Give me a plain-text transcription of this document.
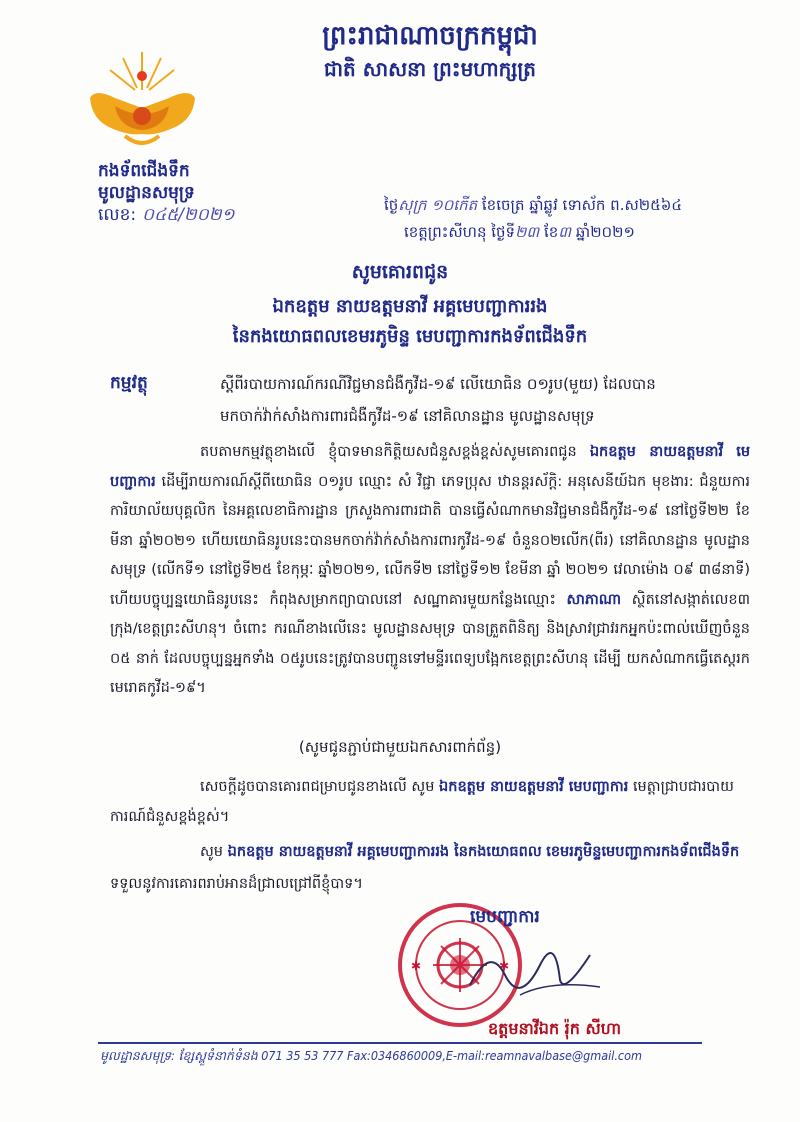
ព្រះរាជាណាចក្រកម្ពុជា
ជាតិ សាសនា ព្រះមហាក្សត្រ
កងទ័ពជើងទឹក
មូលដ្ឋានសមុទ្រ
លេខ: ០៤៥/២០២១	ថ្ងៃសុក្រ ១០កើត ខែចេត្រ ឆ្នាំឆ្លូវ ទោស័ក ព.ស២៥៦៤
ខេត្តព្រះសីហនុ ថ្ងៃទី២៣ ខែ៣ ឆ្នាំ២០២១
សូមគោរពជូន
ឯកឧត្តម នាយឧត្តមនាវី អគ្គមេបញ្ជាការរង
នៃកងយោធពលខេមរភូមិន្ទ មេបញ្ជាការកងទ័ពជើងទឹក
កម្មវត្ថុ	ស្តីពីរបាយការណ៍ករណីវិជ្ជមានជំងឺកូវីដ-១៩ លើយោធិន ០១រូប(មួយ) ដែលបាន
មកចាក់វ៉ាក់សាំងការពារជំងឺកូវីដ-១៩ នៅគិលានដ្ឋាន មូលដ្ឋានសមុទ្រ
តបតាមកម្មវត្ថុខាងលើ ខ្ញុំបាទមានកិត្តិយសជំនួសខ្ពង់ខ្ពស់សូមគោរពជូន ឯកឧត្តម នាយឧត្តមនាវី មេបញ្ជាការ ដើម្បីរាយការណ៍ស្តីពីយោធិន ០១រូប ឈ្មោះ សំ វិជ្ជា ភេទប្រុស ឋានន្តរស័ក្តិ: អនុសេនីយ៍ឯក មុខងារ: ជំនួយការការិយាល័យបុគ្គលិក នៃអគ្គលេខាធិការដ្ឋាន ក្រសួងការពារជាតិ បានធ្វើសំណាកមានវិជ្ជមានជំងឺកូវីដ-១៩ នៅថ្ងៃទី២២ ខែមីនា ឆ្នាំ២០២១ ហើយយោធិនរូបនេះបានមកចាក់វ៉ាក់សាំងការពារកូវីដ-១៩ ចំនួន០២លើក(ពីរ) នៅគិលានដ្ឋាន មូលដ្ឋានសមុទ្រ (លើកទី១ នៅថ្ងៃទី២៥ ខែកុម្ភៈ ឆ្នាំ២០២១, លើកទី២ នៅថ្ងៃទី១២ ខែមីនា ឆ្នាំ ២០២១ វេលាម៉ោង ០៩ ៣៨នាទី) ហើយបច្ចុប្បន្នយោធិនរូបនេះ កំពុងសម្រាកព្យាបាលនៅ សណ្ឋាគារមួយកន្លែងឈ្មោះ សាភាណា ស្ថិតនៅសង្កាត់លេខ៣ ក្រុង/ខេត្តព្រះសីហនុ។ ចំពោះ ករណីខាងលើនេះ មូលដ្ឋានសមុទ្រ បានត្រួតពិនិត្យ និងស្រាវជ្រាវរកអ្នកប៉ះពាល់ឃើញចំនួន ០៥ នាក់ ដែលបច្ចុប្បន្នអ្នកទាំង ០៥រូបនេះត្រូវបានបញ្ជូនទៅមន្ទីរពេទ្យបង្អែកខេត្តព្រះសីហនុ ដើម្បី យកសំណាកធ្វើតេស្តរកមេរោគកូវីដ-១៩។
(សូមជូនភ្ជាប់ជាមួយឯកសារពាក់ព័ន្ធ)
សេចក្តីដូចបានគោរពជម្រាបជូនខាងលើ សូម ឯកឧត្តម នាយឧត្តមនាវី មេបញ្ជាការ មេត្តាជ្រាបជារបាយការណ៍ជំនួសខ្ពង់ខ្ពស់។
សូម ឯកឧត្តម នាយឧត្តមនាវី អគ្គមេបញ្ជាការរង នៃកងយោធពល ខេមរភូមិន្ទមេបញ្ជាការកងទ័ពជើងទឹក ទទួលនូវការគោរពរាប់អានដ៏ជ្រាលជ្រៅពីខ្ញុំបាទ។
✱	✱
មេបញ្ជាការ
ឧត្តមនាវីឯក រ៉ុក សីហា
មូលដ្ឋានសមុទ្រ: ខ្សែស្ពួទំនាក់ទំនង 071 35 53 777 Fax:0346860009,E-mail:reamnavalbase@gmail.com
